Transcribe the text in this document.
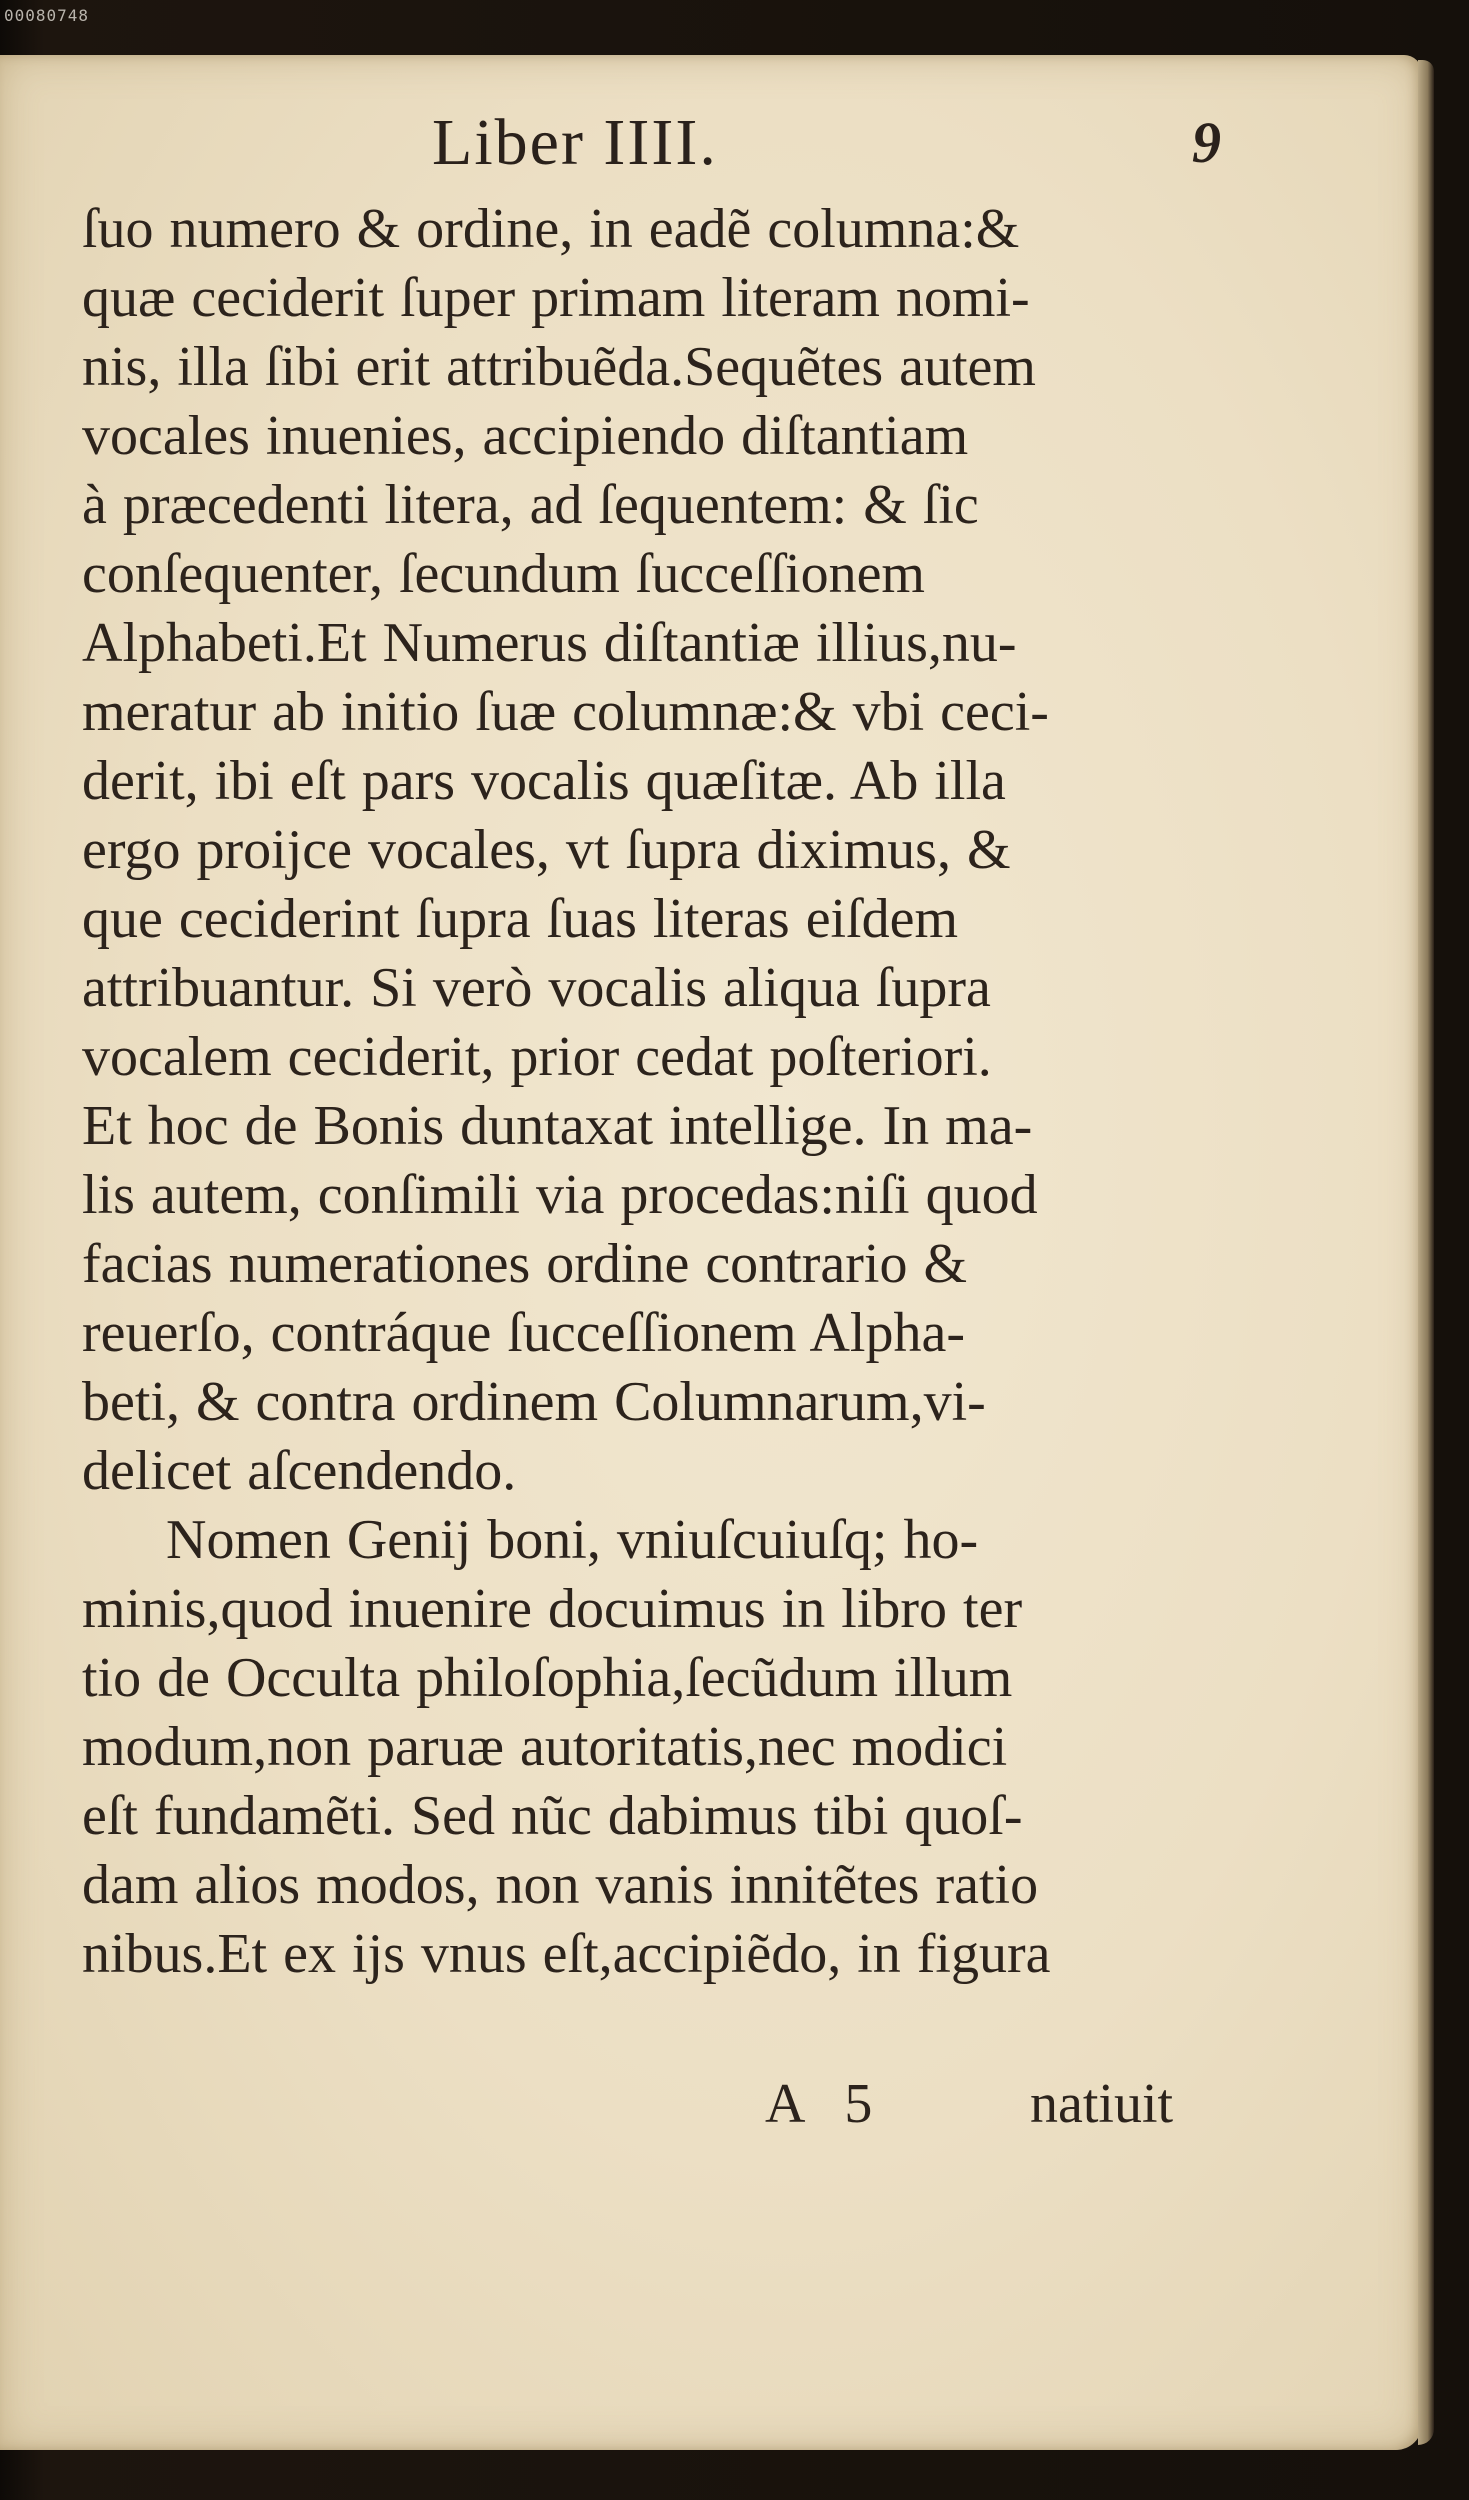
00080748
Liber IIII.	9
ſuo numero & ordine, in eadẽ columna:&
quæ ceciderit ſuper primam literam nomi-
nis, illa ſibi erit attribuẽda.Sequẽtes autem
vocales inuenies, accipiendo diſtantiam
à præcedenti litera, ad ſequentem: & ſic
conſequenter, ſecundum ſucceſſionem
Alphabeti.Et Numerus diſtantiæ illius,nu-
meratur ab initio ſuæ columnæ:& vbi ceci-
derit, ibi eſt pars vocalis quæſitæ. Ab illa
ergo proijce vocales, vt ſupra diximus, &
que ceciderint ſupra ſuas literas eiſdem
attribuantur. Si verò vocalis aliqua ſupra
vocalem ceciderit, prior cedat poſteriori.
Et hoc de Bonis duntaxat intellige. In ma-
lis autem, conſimili via procedas:niſi quod
facias numerationes ordine contrario &
reuerſo, contráque ſucceſſionem Alpha-
beti, & contra ordinem Columnarum,vi-
delicet aſcendendo.
Nomen Genij boni, vniuſcuiuſq; ho-
minis,quod inuenire docuimus in libro ter
tio de Occulta philoſophia,ſecũdum illum
modum,non paruæ autoritatis,nec modici
eſt fundamẽti. Sed nũc dabimus tibi quoſ-
dam alios modos, non vanis innitẽtes ratio
nibus.Et ex ijs vnus eſt,accipiẽdo, in figura
A 5	natiuit
